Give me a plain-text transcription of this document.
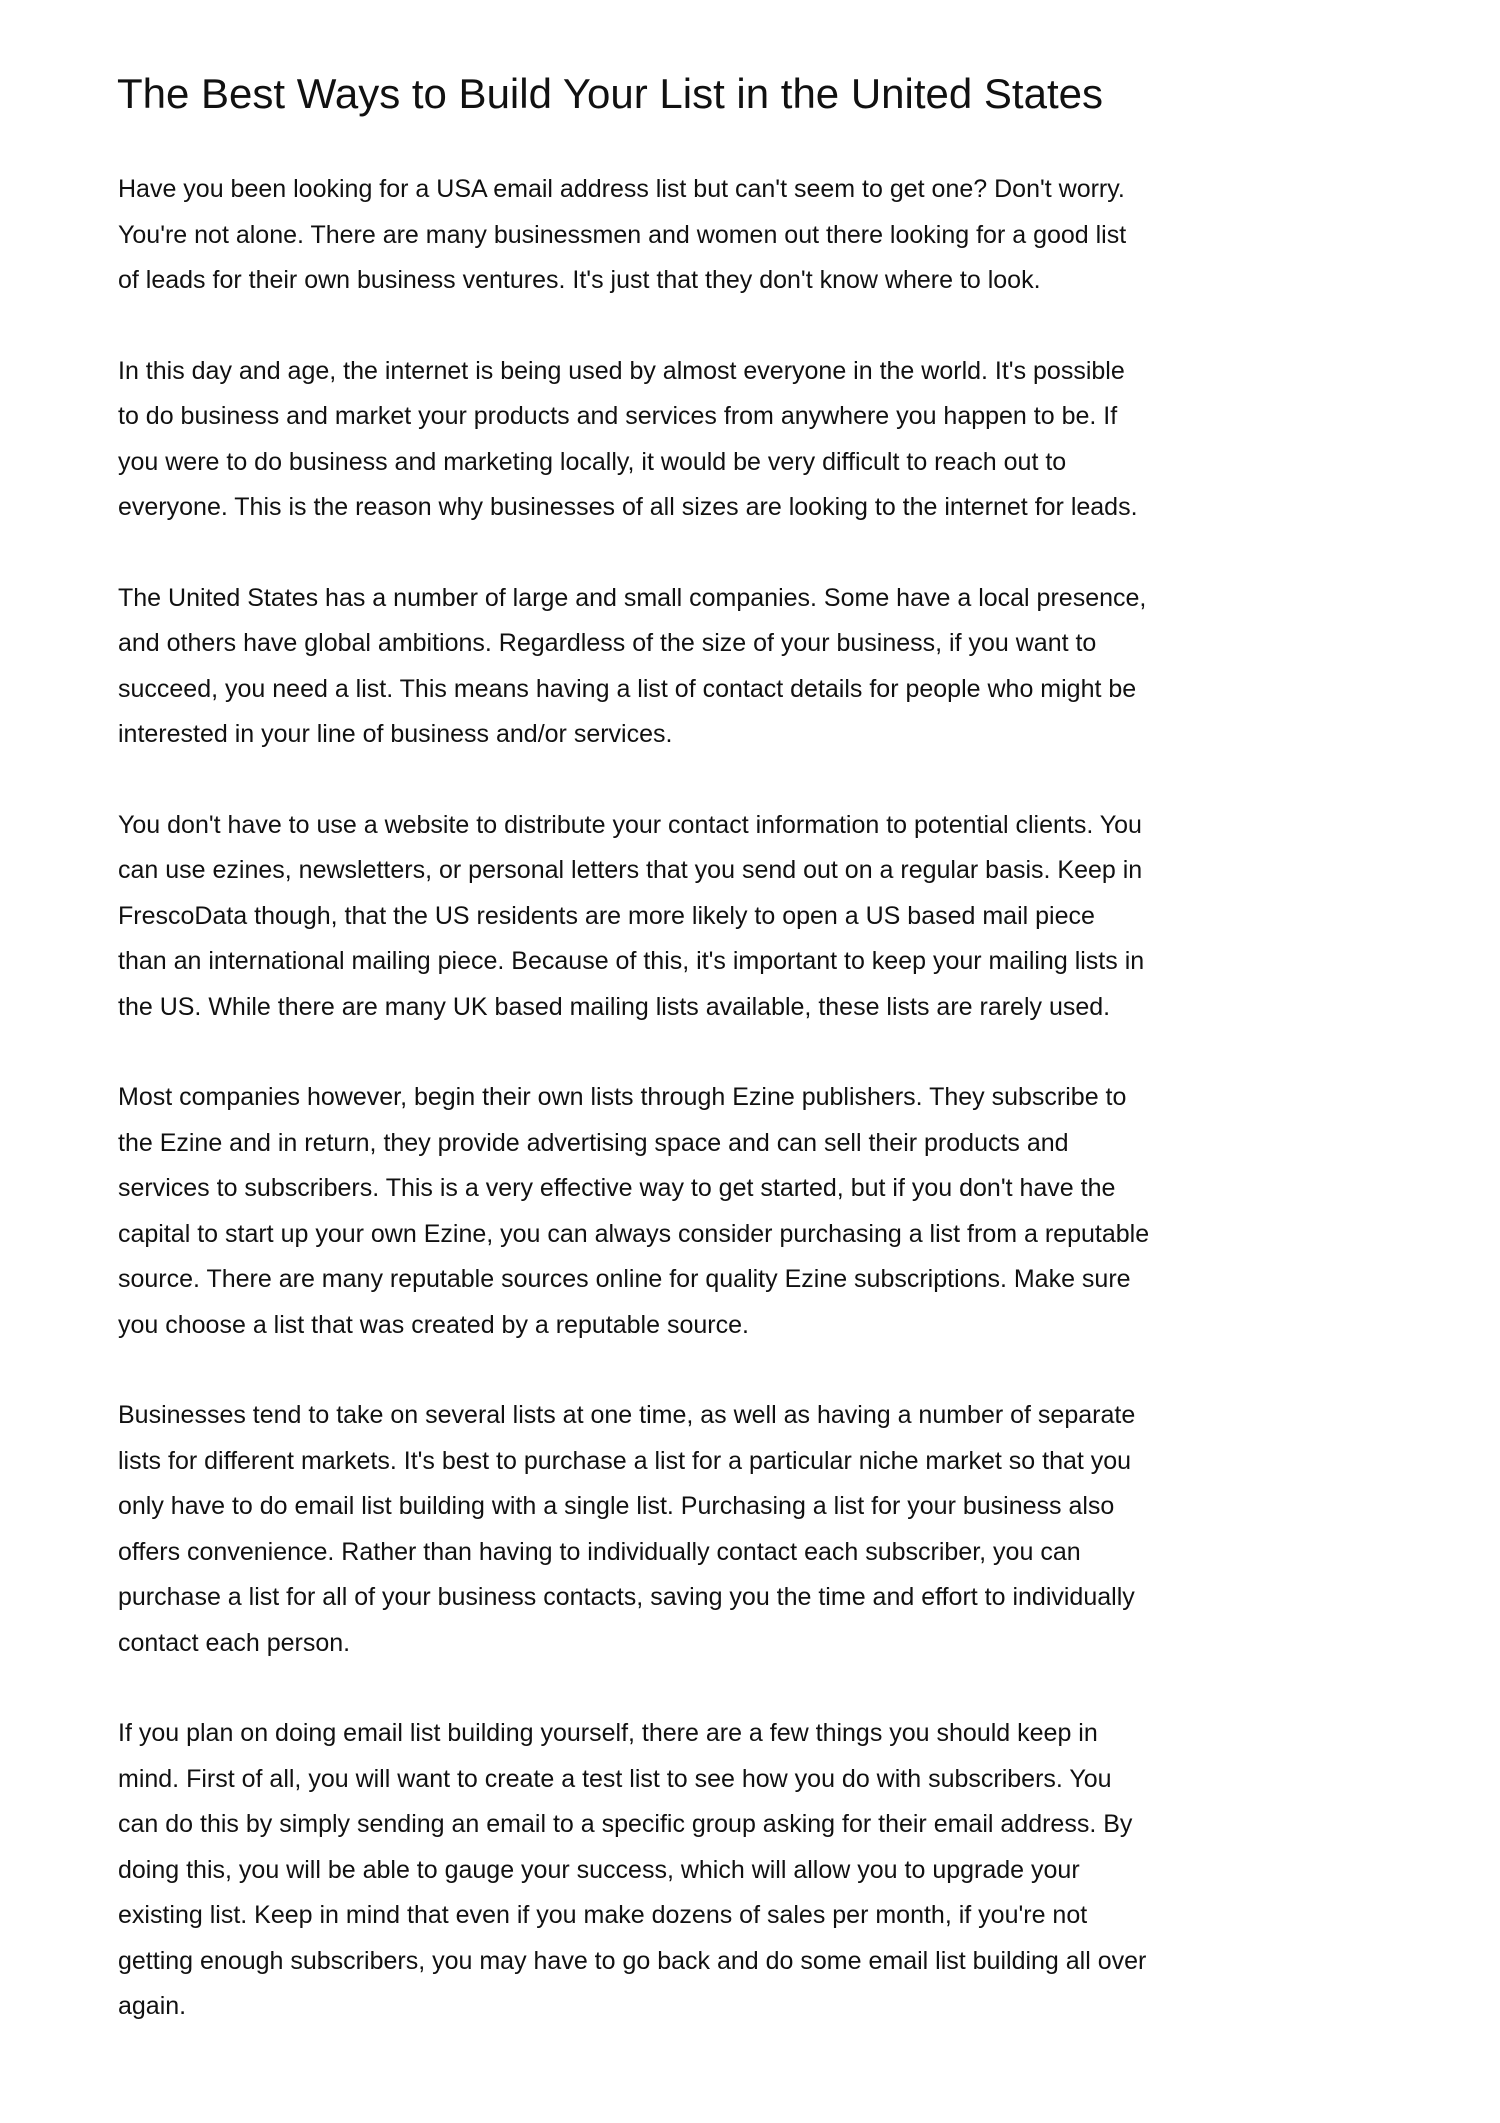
The Best Ways to Build Your List in the United States

Have you been looking for a USA email address list but can't seem to get one? Don't worry.
You're not alone. There are many businessmen and women out there looking for a good list
of leads for their own business ventures. It's just that they don't know where to look.

In this day and age, the internet is being used by almost everyone in the world. It's possible
to do business and market your products and services from anywhere you happen to be. If
you were to do business and marketing locally, it would be very difficult to reach out to
everyone. This is the reason why businesses of all sizes are looking to the internet for leads.

The United States has a number of large and small companies. Some have a local presence,
and others have global ambitions. Regardless of the size of your business, if you want to
succeed, you need a list. This means having a list of contact details for people who might be
interested in your line of business and/or services.

You don't have to use a website to distribute your contact information to potential clients. You
can use ezines, newsletters, or personal letters that you send out on a regular basis. Keep in
FrescoData though, that the US residents are more likely to open a US based mail piece
than an international mailing piece. Because of this, it's important to keep your mailing lists in
the US. While there are many UK based mailing lists available, these lists are rarely used.

Most companies however, begin their own lists through Ezine publishers. They subscribe to
the Ezine and in return, they provide advertising space and can sell their products and
services to subscribers. This is a very effective way to get started, but if you don't have the
capital to start up your own Ezine, you can always consider purchasing a list from a reputable
source. There are many reputable sources online for quality Ezine subscriptions. Make sure
you choose a list that was created by a reputable source.

Businesses tend to take on several lists at one time, as well as having a number of separate
lists for different markets. It's best to purchase a list for a particular niche market so that you
only have to do email list building with a single list. Purchasing a list for your business also
offers convenience. Rather than having to individually contact each subscriber, you can
purchase a list for all of your business contacts, saving you the time and effort to individually
contact each person.

If you plan on doing email list building yourself, there are a few things you should keep in
mind. First of all, you will want to create a test list to see how you do with subscribers. You
can do this by simply sending an email to a specific group asking for their email address. By
doing this, you will be able to gauge your success, which will allow you to upgrade your
existing list. Keep in mind that even if you make dozens of sales per month, if you're not
getting enough subscribers, you may have to go back and do some email list building all over
again.
